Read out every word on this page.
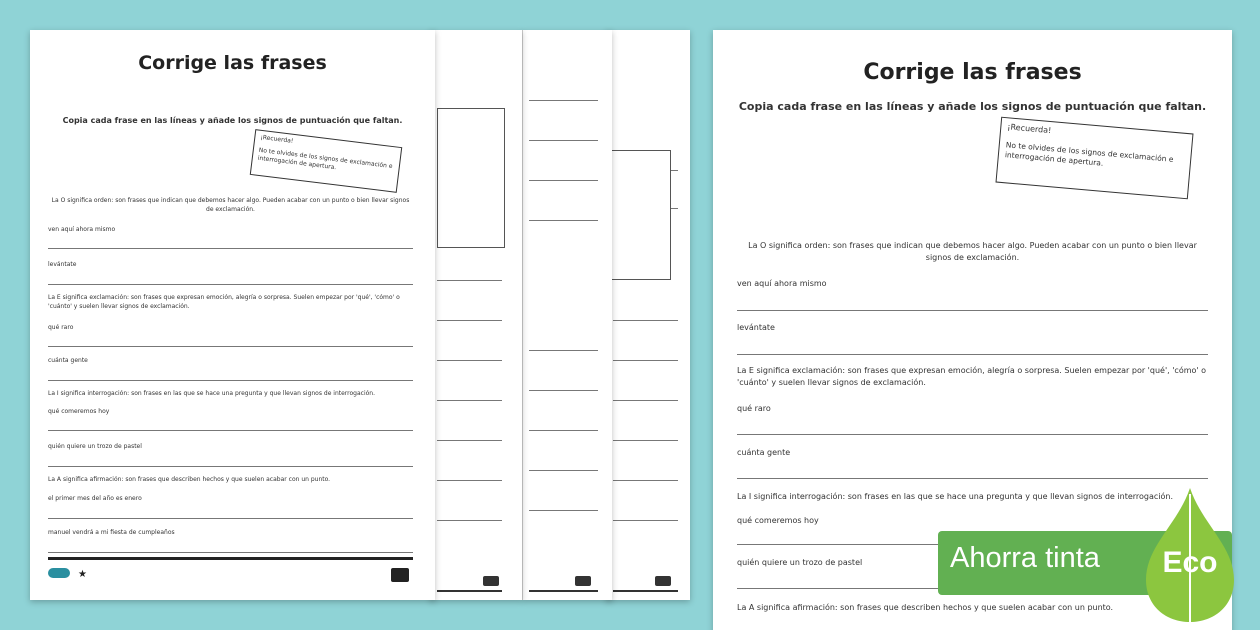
Corrige las frases
Copia cada frase en las líneas y añade los signos de puntuación que faltan.
¡Recuerda!
No te olvides de los signos de exclamación e interrogación de apertura.
La O significa orden: son frases que indican que debemos hacer algo. Pueden acabar con un punto o bien llevar signos de exclamación.
ven aquí ahora mismo
levántate
La E significa exclamación: son frases que expresan emoción, alegría o sorpresa. Suelen empezar por 'qué', 'cómo' o 'cuánto' y suelen llevar signos de exclamación.
qué raro
cuánta gente
La I significa interrogación: son frases en las que se hace una pregunta y que llevan signos de interrogación.
qué comeremos hoy
quién quiere un trozo de pastel
La A significa afirmación: son frases que describen hechos y que suelen acabar con un punto.
el primer mes del año es enero
manuel vendrá a mi fiesta de cumpleaños
★
Corrige las frases
Copia cada frase en las líneas y añade los signos de puntuación que faltan.
¡Recuerda!
No te olvides de los signos de exclamación e interrogación de apertura.
La O significa orden: son frases que indican que debemos hacer algo. Pueden acabar con un punto o bien llevar signos de exclamación.
ven aquí ahora mismo
levántate
La E significa exclamación: son frases que expresan emoción, alegría o sorpresa. Suelen empezar por 'qué', 'cómo' o 'cuánto' y suelen llevar signos de exclamación.
qué raro
cuánta gente
La I significa interrogación: son frases en las que se hace una pregunta y que llevan signos de interrogación.
qué comeremos hoy
quién quiere un trozo de pastel
La A significa afirmación: son frases que describen hechos y que suelen acabar con un punto.
Ahorra tinta	Eco
